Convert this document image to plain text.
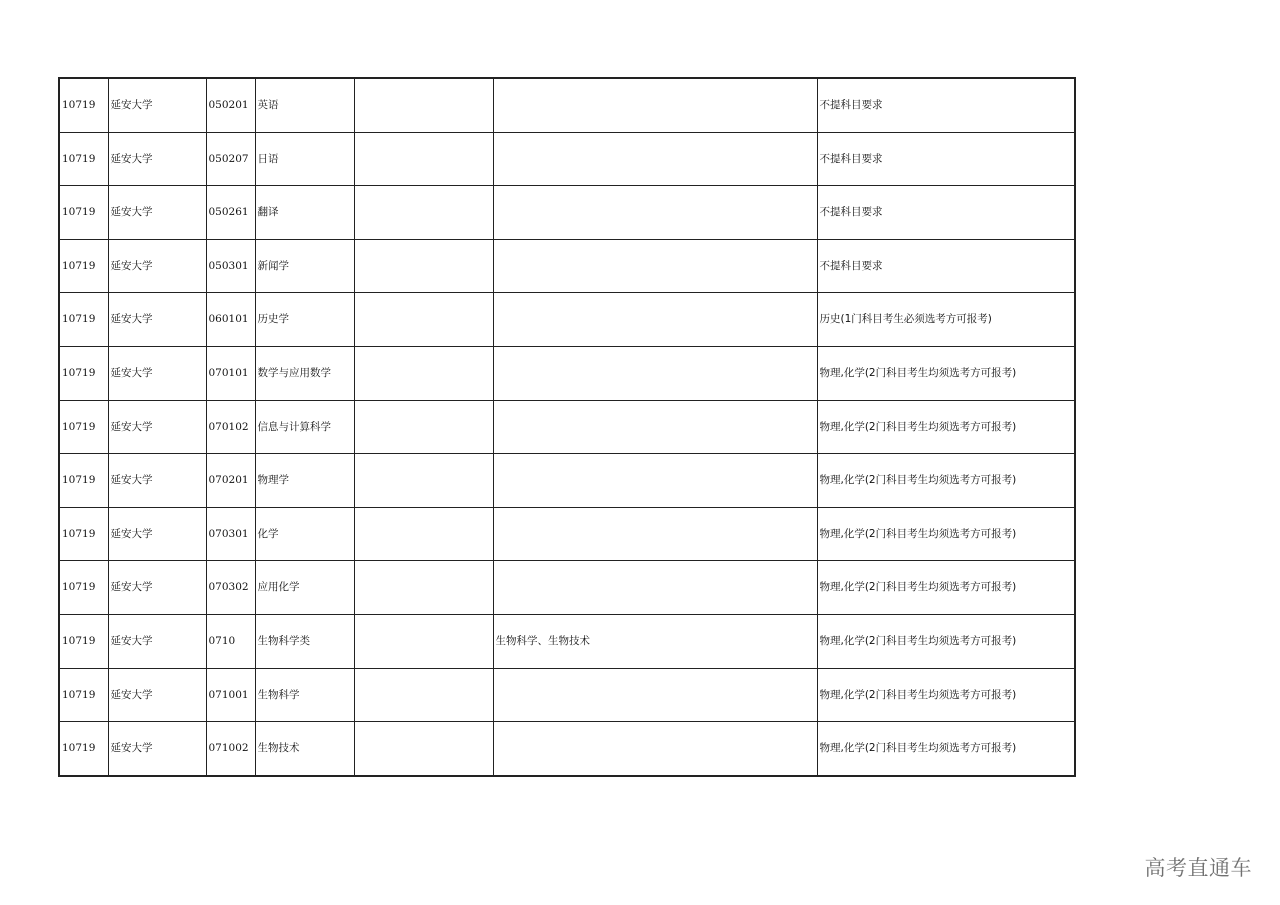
10719	延安大学	050201	英语			不提科目要求
10719	延安大学	050207	日语			不提科目要求
10719	延安大学	050261	翻译			不提科目要求
10719	延安大学	050301	新闻学			不提科目要求
10719	延安大学	060101	历史学			历史(1门科目考生必须选考方可报考)
10719	延安大学	070101	数学与应用数学			物理,化学(2门科目考生均须选考方可报考)
10719	延安大学	070102	信息与计算科学			物理,化学(2门科目考生均须选考方可报考)
10719	延安大学	070201	物理学			物理,化学(2门科目考生均须选考方可报考)
10719	延安大学	070301	化学			物理,化学(2门科目考生均须选考方可报考)
10719	延安大学	070302	应用化学			物理,化学(2门科目考生均须选考方可报考)
10719	延安大学	0710	生物科学类		生物科学、生物技术	物理,化学(2门科目考生均须选考方可报考)
10719	延安大学	071001	生物科学			物理,化学(2门科目考生均须选考方可报考)
10719	延安大学	071002	生物技术			物理,化学(2门科目考生均须选考方可报考)
高考直通车
